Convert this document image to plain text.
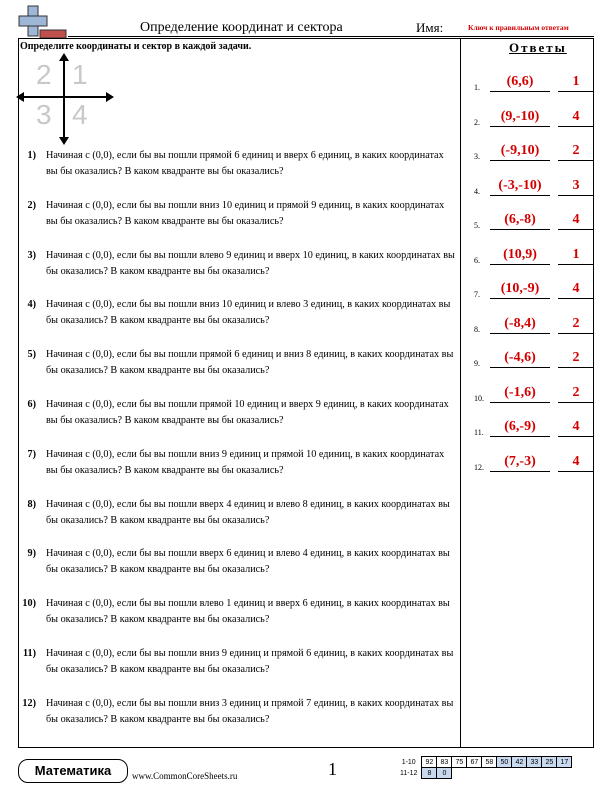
Определение координат и сектора	Имя:	Ключ к правильным ответам
Определите координаты и сектор в каждой задачи.
2 1
3 4
1) Начиная с (0,0), если бы вы пошли прямой 6 единиц и вверх 6 единиц, в каких координатах вы бы оказались? В каком квадранте вы бы оказались?
2) Начиная с (0,0), если бы вы пошли вниз 10 единиц и прямой 9 единиц, в каких координатах вы бы оказались? В каком квадранте вы бы оказались?
3) Начиная с (0,0), если бы вы пошли влево 9 единиц и вверх 10 единиц, в каких координатах вы бы оказались? В каком квадранте вы бы оказались?
4) Начиная с (0,0), если бы вы пошли вниз 10 единиц и влево 3 единиц, в каких координатах вы бы оказались? В каком квадранте вы бы оказались?
5) Начиная с (0,0), если бы вы пошли прямой 6 единиц и вниз 8 единиц, в каких координатах вы бы оказались? В каком квадранте вы бы оказались?
6) Начиная с (0,0), если бы вы пошли прямой 10 единиц и вверх 9 единиц, в каких координатах вы бы оказались? В каком квадранте вы бы оказались?
7) Начиная с (0,0), если бы вы пошли вниз 9 единиц и прямой 10 единиц, в каких координатах вы бы оказались? В каком квадранте вы бы оказались?
8) Начиная с (0,0), если бы вы пошли вверх 4 единиц и влево 8 единиц, в каких координатах вы бы оказались? В каком квадранте вы бы оказались?
9) Начиная с (0,0), если бы вы пошли вверх 6 единиц и влево 4 единиц, в каких координатах вы бы оказались? В каком квадранте вы бы оказались?
10) Начиная с (0,0), если бы вы пошли влево 1 единиц и вверх 6 единиц, в каких координатах вы бы оказались? В каком квадранте вы бы оказались?
11) Начиная с (0,0), если бы вы пошли вниз 9 единиц и прямой 6 единиц, в каких координатах вы бы оказались? В каком квадранте вы бы оказались?
12) Начиная с (0,0), если бы вы пошли вниз 3 единиц и прямой 7 единиц, в каких координатах вы бы оказались? В каком квадранте вы бы оказались?
Ответы
1.	(6,6)	1
2.	(9,-10)	4
3.	(-9,10)	2
4.	(-3,-10)	3
5.	(6,-8)	4
6.	(10,9)	1
7.	(10,-9)	4
8.	(-8,4)	2
9.	(-4,6)	2
10.	(-1,6)	2
11.	(6,-9)	4
12.	(7,-3)	4
Математика	www.CommonCoreSheets.ru	1	1-10	92	83	75	67	58	50	42	33	25	17
11-12	8	0								
